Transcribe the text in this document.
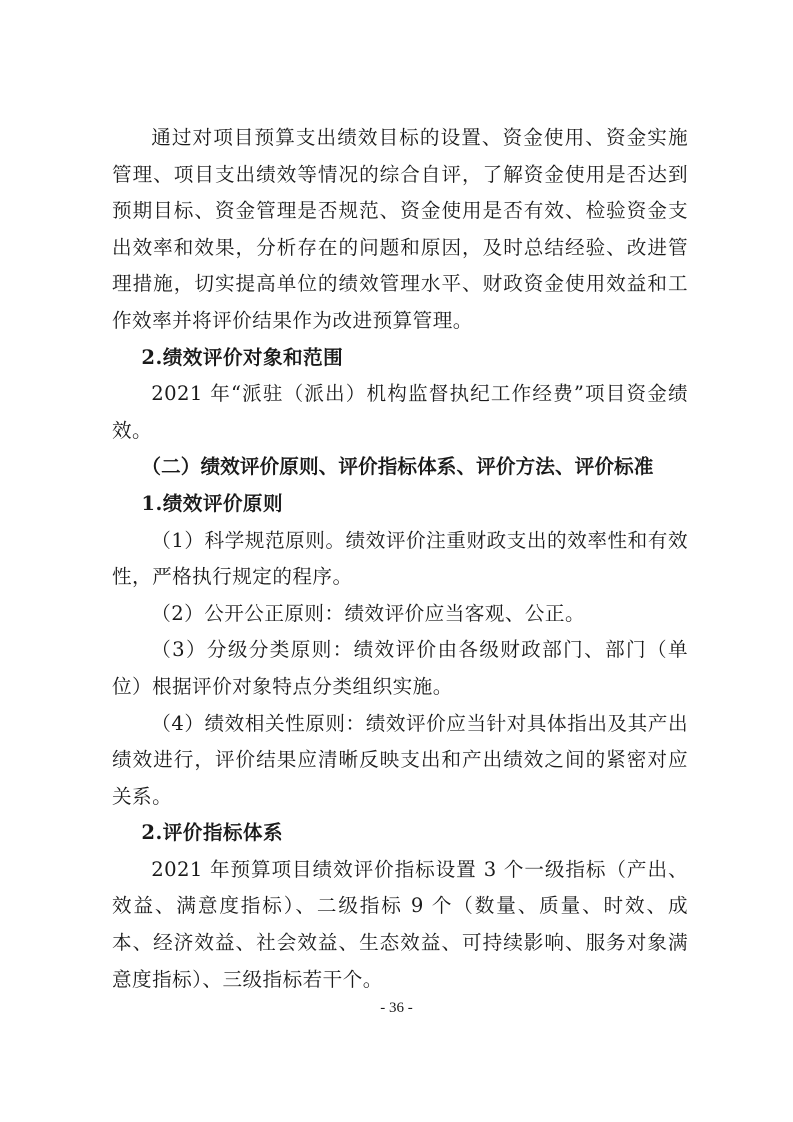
通过对项目预算支出绩效目标的设置、资金使用、资金实施管理、项目支出绩效等情况的综合自评，了解资金使用是否达到预期目标、资金管理是否规范、资金使用是否有效、检验资金支出效率和效果，分析存在的问题和原因，及时总结经验、改进管理措施，切实提高单位的绩效管理水平、财政资金使用效益和工作效率并将评价结果作为改进预算管理。

2.绩效评价对象和范围

2021 年“派驻（派出）机构监督执纪工作经费”项目资金绩效。

（二）绩效评价原则、评价指标体系、评价方法、评价标准

1.绩效评价原则

（1）科学规范原则。绩效评价注重财政支出的效率性和有效性，严格执行规定的程序。

（2）公开公正原则：绩效评价应当客观、公正。

（3）分级分类原则：绩效评价由各级财政部门、部门（单位）根据评价对象特点分类组织实施。

（4）绩效相关性原则：绩效评价应当针对具体指出及其产出绩效进行，评价结果应清晰反映支出和产出绩效之间的紧密对应关系。

2.评价指标体系

2021 年预算项目绩效评价指标设置 3 个一级指标（产出、效益、满意度指标）、二级指标 9 个（数量、质量、时效、成本、经济效益、社会效益、生态效益、可持续影响、服务对象满意度指标）、三级指标若干个。

- 36 -
